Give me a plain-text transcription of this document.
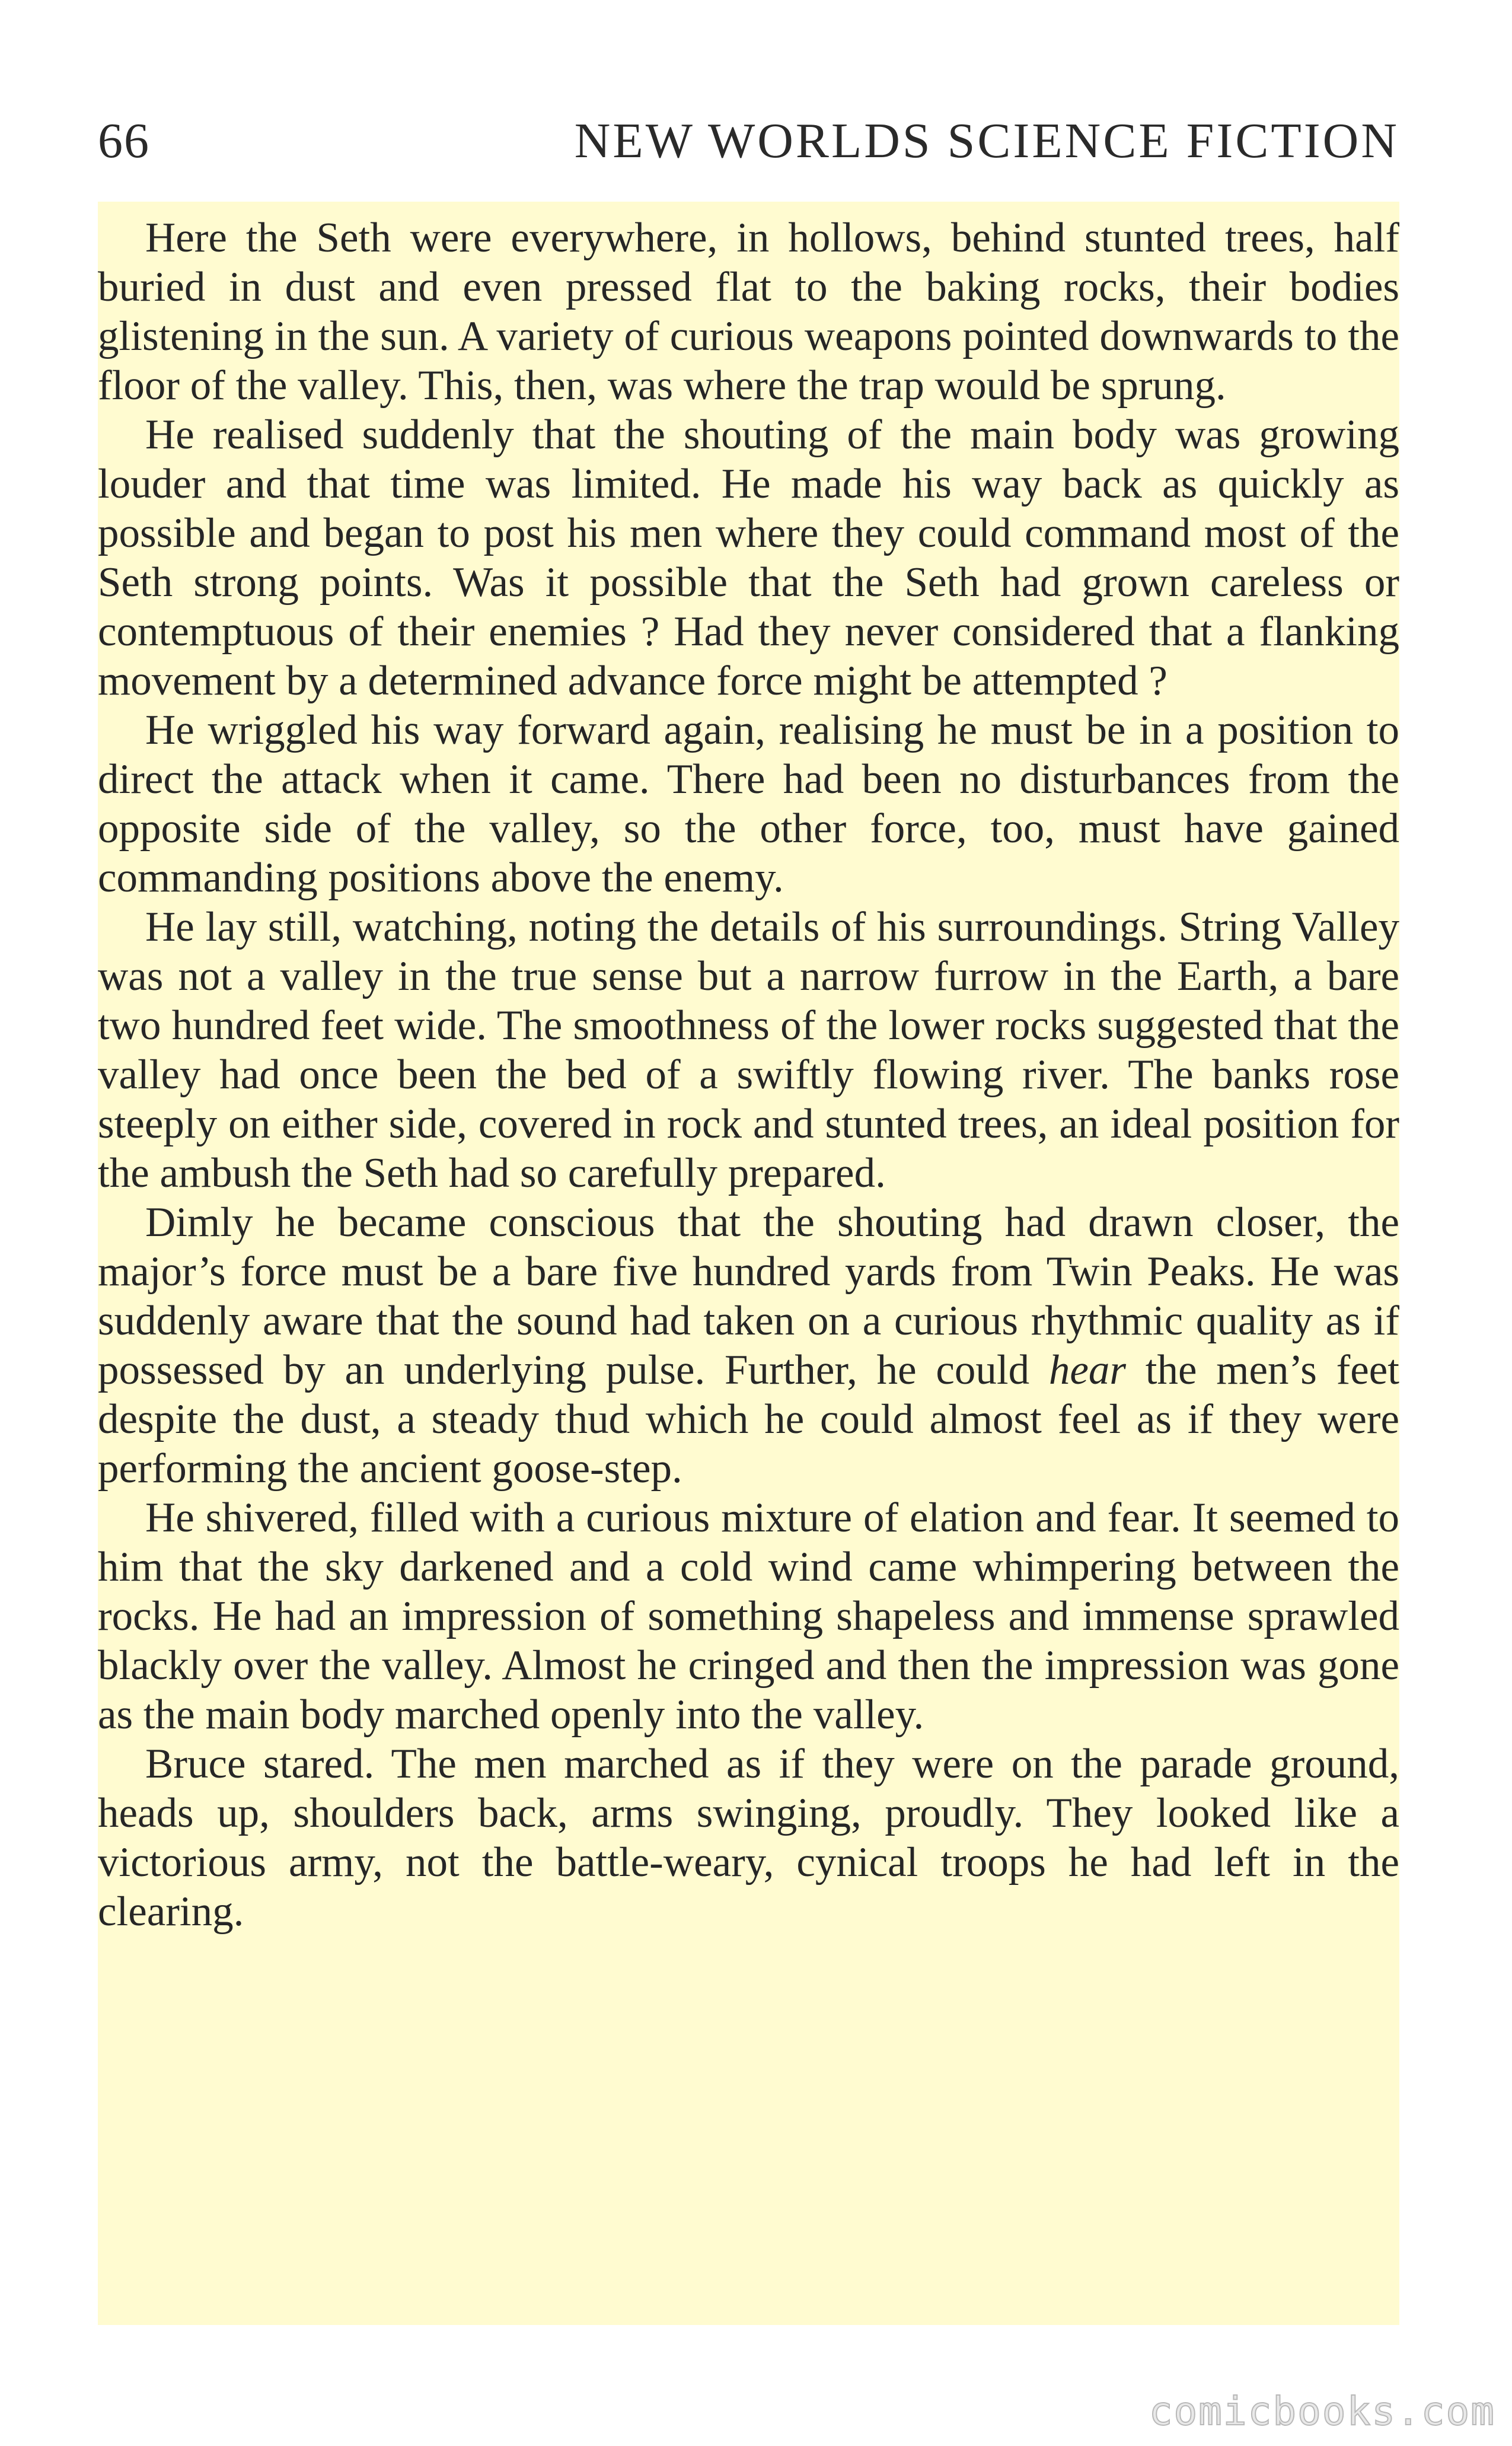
66	NEW WORLDS SCIENCE FICTION

Here the Seth were everywhere, in hollows, behind stunted trees, half buried in dust and even pressed flat to the baking rocks, their bodies glistening in the sun. A variety of curious weapons pointed downwards to the floor of the valley. This, then, was where the trap would be sprung.

He realised suddenly that the shouting of the main body was growing louder and that time was limited. He made his way back as quickly as possible and began to post his men where they could command most of the Seth strong points. Was it possible that the Seth had grown careless or contemptuous of their enemies ? Had they never considered that a flanking movement by a determined advance force might be attempted ?

He wriggled his way forward again, realising he must be in a position to direct the attack when it came. There had been no disturbances from the opposite side of the valley, so the other force, too, must have gained commanding positions above the enemy.

He lay still, watching, noting the details of his surroundings. String Valley was not a valley in the true sense but a narrow furrow in the Earth, a bare two hundred feet wide. The smoothness of the lower rocks suggested that the valley had once been the bed of a swiftly flowing river. The banks rose steeply on either side, covered in rock and stunted trees, an ideal position for the ambush the Seth had so carefully prepared.

Dimly he became conscious that the shouting had drawn closer, the major’s force must be a bare five hundred yards from Twin Peaks. He was suddenly aware that the sound had taken on a curious rhythmic quality as if possessed by an underlying pulse. Further, he could hear the men’s feet despite the dust, a steady thud which he could almost feel as if they were performing the ancient goose-step.

He shivered, filled with a curious mixture of elation and fear. It seemed to him that the sky darkened and a cold wind came whimpering between the rocks. He had an impression of something shapeless and immense sprawled blackly over the valley. Almost he cringed and then the impression was gone as the main body marched openly into the valley.

Bruce stared. The men marched as if they were on the parade ground, heads up, shoulders back, arms swinging, proudly. They looked like a victorious army, not the battle-weary, cynical troops he had left in the clearing.

comicbooks.com
